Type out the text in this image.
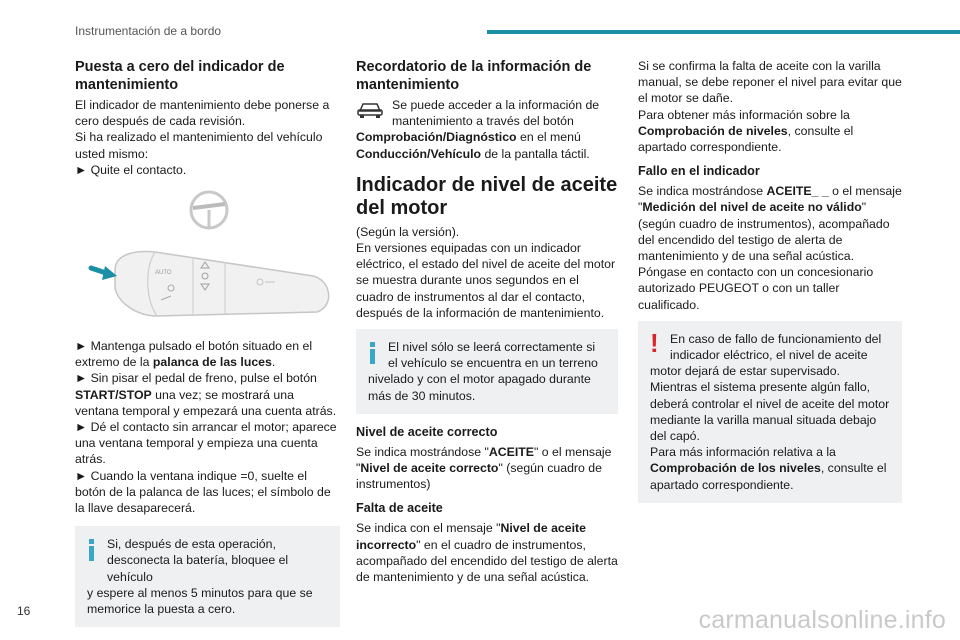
Instrumentación de a bordo
Puesta a cero del indicador de mantenimiento

El indicador de mantenimiento debe ponerse a cero después de cada revisión.

Si ha realizado el mantenimiento del vehículo usted mismo:

► Quite el contacto.

AUTO

► Mantenga pulsado el botón situado en el extremo de la palanca de las luces.

► Sin pisar el pedal de freno, pulse el botón START/STOP una vez; se mostrará una ventana temporal y empezará una cuenta atrás.

► Dé el contacto sin arrancar el motor; aparece una ventana temporal y empieza una cuenta atrás.

► Cuando la ventana indique =0, suelte el botón de la palanca de las luces; el símbolo de la llave desaparecerá.

Si, después de esta operación, desconecta la batería, bloquee el vehículo

y espere al menos 5 minutos para que se memorice la puesta a cero.

Recordatorio de la información de mantenimiento
Se puede acceder a la información de mantenimiento a través del botón

Comprobación/Diagnóstico en el menú Conducción/Vehículo de la pantalla táctil.

Indicador de nivel de aceite del motor

(Según la versión).

En versiones equipadas con un indicador eléctrico, el estado del nivel de aceite del motor se muestra durante unos segundos en el cuadro de instrumentos al dar el contacto, después de la información de mantenimiento.

El nivel sólo se leerá correctamente si el vehículo se encuentra en un terreno

nivelado y con el motor apagado durante más de 30 minutos.

Nivel de aceite correcto

Se indica mostrándose "ACEITE" o el mensaje "Nivel de aceite correcto" (según cuadro de instrumentos)

Falta de aceite

Se indica con el mensaje "Nivel de aceite incorrecto" en el cuadro de instrumentos, acompañado del encendido del testigo de alerta de mantenimiento y de una señal acústica.

Si se confirma la falta de aceite con la varilla manual, se debe reponer el nivel para evitar que el motor se dañe.

Para obtener más información sobre la Comprobación de niveles, consulte el apartado correspondiente.

Fallo en el indicador

Se indica mostrándose ACEITE_ _ o el mensaje "Medición del nivel de aceite no válido" (según cuadro de instrumentos), acompañado del encendido del testigo de alerta de mantenimiento y de una señal acústica.

Póngase en contacto con un concesionario autorizado PEUGEOT o con un taller cualificado.

! En caso de fallo de funcionamiento del indicador eléctrico, el nivel de aceite

motor dejará de estar supervisado.

Mientras el sistema presente algún fallo, deberá controlar el nivel de aceite del motor mediante la varilla manual situada debajo del capó.

Para más información relativa a la Comprobación de los niveles, consulte el apartado correspondiente.

16	carmanualsonline.info
